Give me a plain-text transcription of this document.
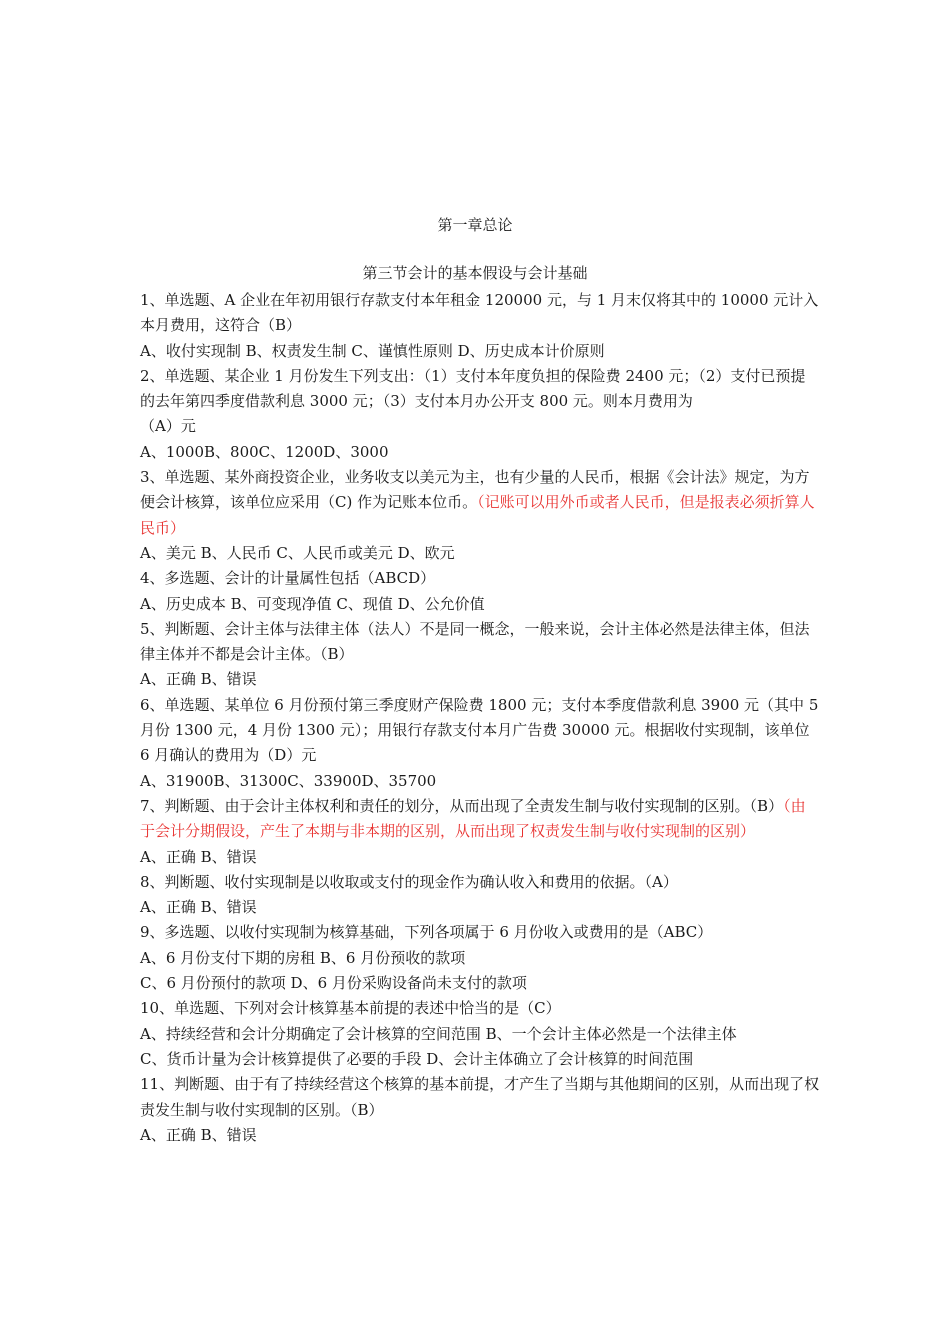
第一章总论
第三节会计的基本假设与会计基础

1、单选题、A 企业在年初用银行存款支付本年租金 120000 元，与 1 月末仅将其中的 10000 元计入本月费用，这符合（B）

A、收付实现制 B、权责发生制 C、谨慎性原则 D、历史成本计价原则

2、单选题、某企业 1 月份发生下列支出：（1）支付本年度负担的保险费 2400 元；（2）支付已预提的去年第四季度借款利息 3000 元；（3）支付本月办公开支 800 元。则本月费用为

（A）元

A、1000B、800C、1200D、3000

3、单选题、某外商投资企业，业务收支以美元为主，也有少量的人民币，根据《会计法》规定，为方便会计核算，该单位应采用（C) 作为记账本位币。（记账可以用外币或者人民币，但是报表必须折算人民币）

A、美元 B、人民币 C、人民币或美元 D、欧元

4、多选题、会计的计量属性包括（ABCD）

A、历史成本 B、可变现净值 C、现值 D、公允价值

5、判断题、会计主体与法律主体（法人）不是同一概念，一般来说，会计主体必然是法律主体，但法律主体并不都是会计主体。（B）

A、正确 B、错误

6、单选题、某单位 6 月份预付第三季度财产保险费 1800 元；支付本季度借款利息 3900 元（其中 5 月份 1300 元，4 月份 1300 元）；用银行存款支付本月广告费 30000 元。根据收付实现制，该单位 6 月确认的费用为（D）元

A、31900B、31300C、33900D、35700

7、判断题、由于会计主体权利和责任的划分，从而出现了全责发生制与收付实现制的区别。（B）（由于会计分期假设，产生了本期与非本期的区别，从而出现了权责发生制与收付实现制的区别）

A、正确 B、错误

8、判断题、收付实现制是以收取或支付的现金作为确认收入和费用的依据。（A）

A、正确 B、错误

9、多选题、以收付实现制为核算基础，下列各项属于 6 月份收入或费用的是（ABC）

A、6 月份支付下期的房租 B、6 月份预收的款项

C、6 月份预付的款项 D、6 月份采购设备尚未支付的款项

10、单选题、下列对会计核算基本前提的表述中恰当的是（C）

A、持续经营和会计分期确定了会计核算的空间范围 B、一个会计主体必然是一个法律主体

C、货币计量为会计核算提供了必要的手段 D、会计主体确立了会计核算的时间范围

11、判断题、由于有了持续经营这个核算的基本前提，才产生了当期与其他期间的区别，从而出现了权责发生制与收付实现制的区别。（B）

A、正确 B、错误
